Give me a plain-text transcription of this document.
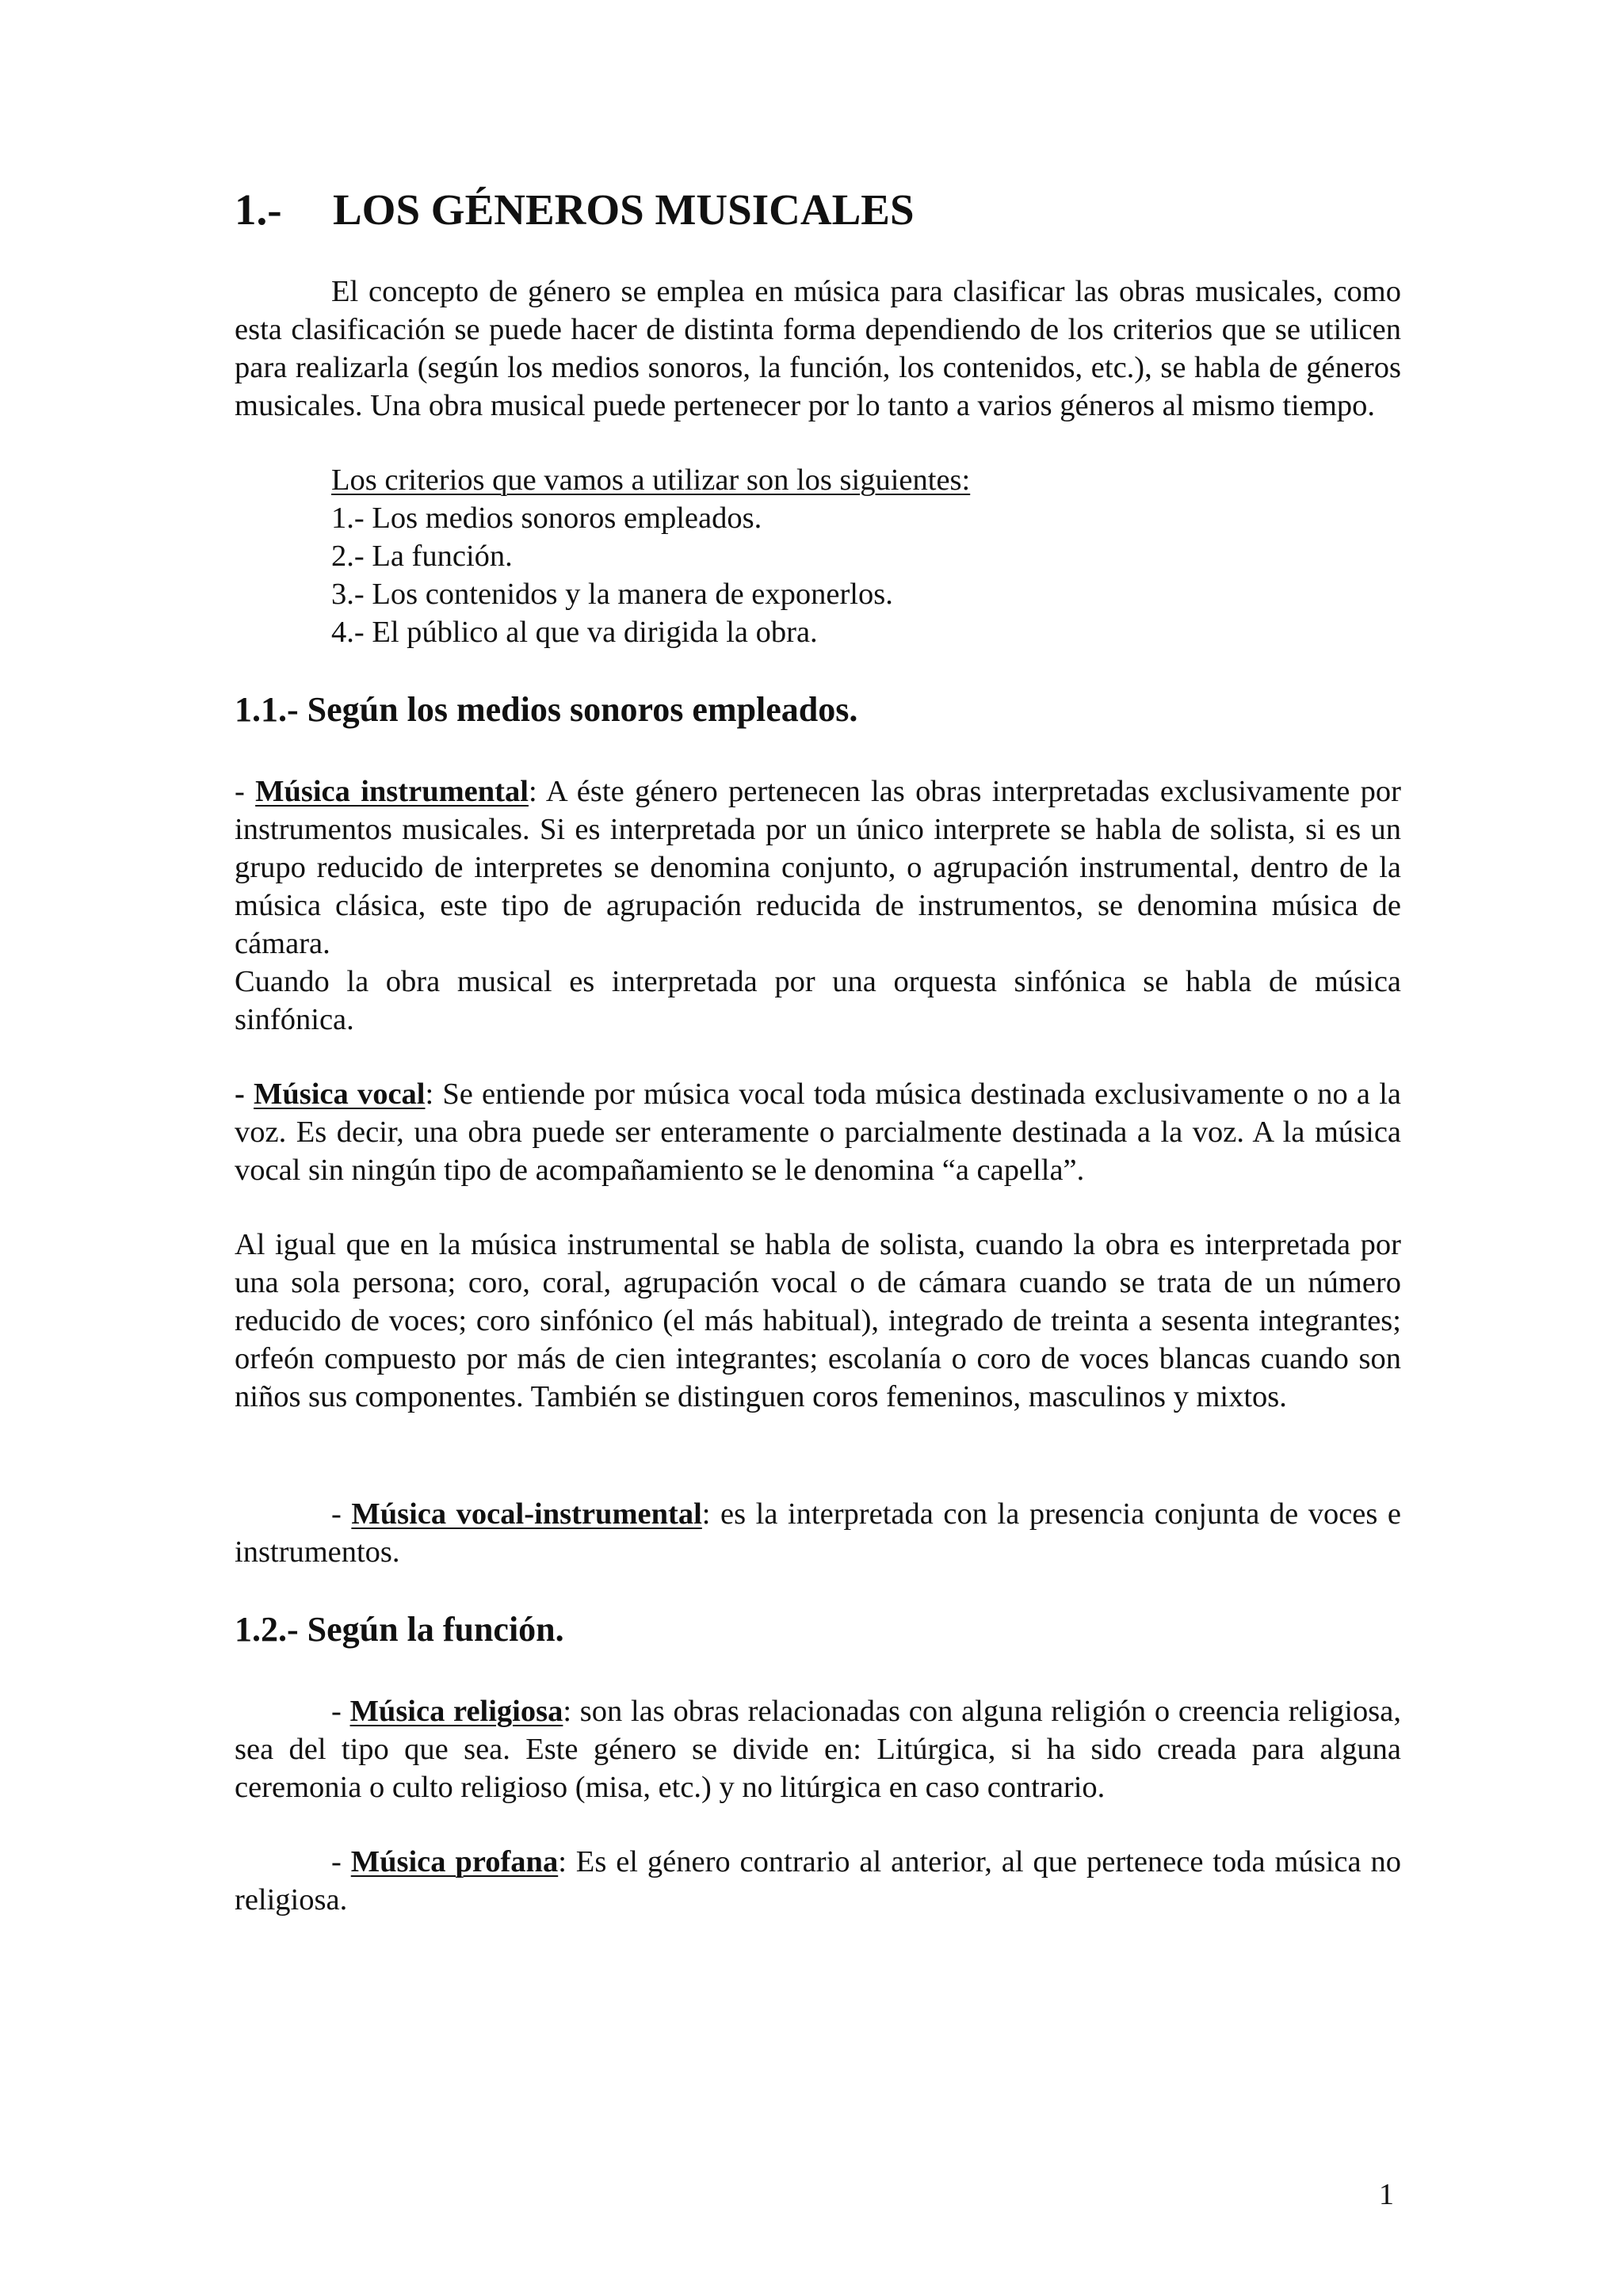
1.- LOS GÉNEROS MUSICALES

El concepto de género se emplea en música para clasificar las obras musicales, como esta clasificación se puede hacer de distinta forma dependiendo de los criterios que se utilicen para realizarla (según los medios sonoros, la función, los contenidos, etc.), se habla de géneros musicales. Una obra musical puede pertenecer por lo tanto a varios géneros al mismo tiempo.

Los criterios que vamos a utilizar son los siguientes:
1.- Los medios sonoros empleados.
2.- La función.
3.- Los contenidos y la manera de exponerlos.
4.- El público al que va dirigida la obra.
1.1.- Según los medios sonoros empleados.

- Música instrumental: A éste género pertenecen las obras interpretadas exclusivamente por instrumentos musicales. Si es interpretada por un único interprete se habla de solista, si es un grupo reducido de interpretes se denomina conjunto, o agrupación instrumental, dentro de la música clásica, este tipo de agrupación reducida de instrumentos, se denomina música de cámara.

Cuando la obra musical es interpretada por una orquesta sinfónica se habla de música sinfónica.

- Música vocal: Se entiende por música vocal toda música destinada exclusivamente o no a la voz. Es decir, una obra puede ser enteramente o parcialmente destinada a la voz. A la música vocal sin ningún tipo de acompañamiento se le denomina “a capella”.

Al igual que en la música instrumental se habla de solista, cuando la obra es interpretada por una sola persona; coro, coral, agrupación vocal o de cámara cuando se trata de un número reducido de voces; coro sinfónico (el más habitual), integrado de treinta a sesenta integrantes; orfeón compuesto por más de cien integrantes; escolanía o coro de voces blancas cuando son niños sus componentes. También se distinguen coros femeninos, masculinos y mixtos.

- Música vocal-instrumental: es la interpretada con la presencia conjunta de voces e instrumentos.

1.2.- Según la función.

- Música religiosa: son las obras relacionadas con alguna religión o creencia religiosa, sea del tipo que sea. Este género se divide en: Litúrgica, si ha sido creada para alguna ceremonia o culto religioso (misa, etc.) y no litúrgica en caso contrario.

- Música profana: Es el género contrario al anterior, al que pertenece toda música no religiosa.

1
